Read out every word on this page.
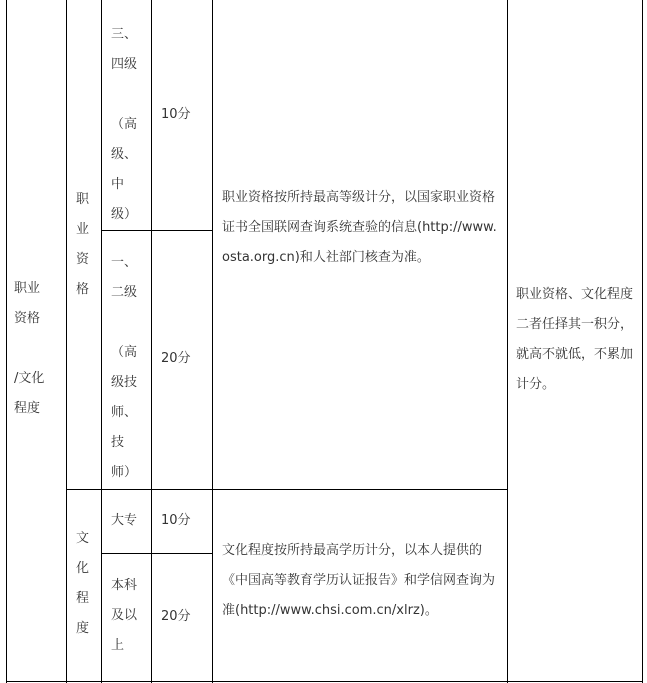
职业
资格

/文化
程度
职
业
资
格
三、
四级

（高
级、
中
级）
10分
一、
二级

（高
级技
师、
技
师）
20分
职业资格按所持最高等级计分，以国家职业资格证书全国联网查询系统查验的信息(http://www.osta.org.cn)和人社部门核查为准。
文
化
程
度
大专	10分
本科
及以
上
20分
文化程度按所持最高学历计分，以本人提供的《中国高等教育学历认证报告》和学信网查询为准(http://www.chsi.com.cn/xlrz)。
职业资格、文化程度二者任择其一积分，就高不就低，不累加计分。
